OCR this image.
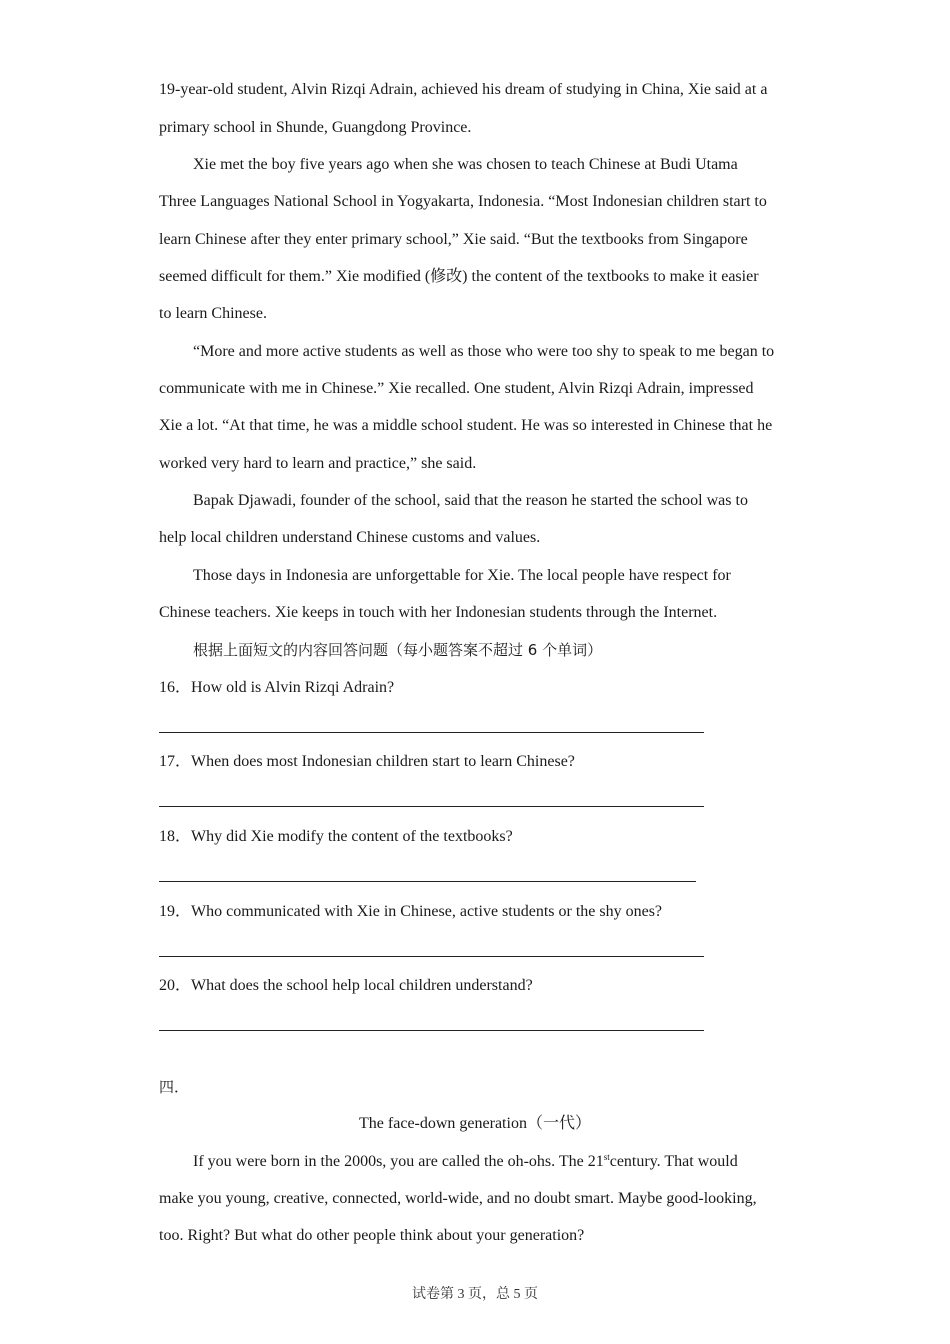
19-year-old student, Alvin Rizqi Adrain, achieved his dream of studying in China, Xie said at a
primary school in Shunde, Guangdong Province.
Xie met the boy five years ago when she was chosen to teach Chinese at Budi Utama
Three Languages National School in Yogyakarta, Indonesia. “Most Indonesian children start to
learn Chinese after they enter primary school,” Xie said. “But the textbooks from Singapore
seemed difficult for them.” Xie modified (修改) the content of the textbooks to make it easier
to learn Chinese.
“More and more active students as well as those who were too shy to speak to me began to
communicate with me in Chinese.” Xie recalled. One student, Alvin Rizqi Adrain, impressed
Xie a lot. “At that time, he was a middle school student. He was so interested in Chinese that he
worked very hard to learn and practice,” she said.
Bapak Djawadi, founder of the school, said that the reason he started the school was to
help local children understand Chinese customs and values.
Those days in Indonesia are unforgettable for Xie. The local people have respect for
Chinese teachers. Xie keeps in touch with her Indonesian students through the Internet.
根据上面短文的内容回答问题（每小题答案不超过 6 个单词）
16．How old is Alvin Rizqi Adrain?
17．When does most Indonesian children start to learn Chinese?
18．Why did Xie modify the content of the textbooks?
19．Who communicated with Xie in Chinese, active students or the shy ones?
20．What does the school help local children understand?
四．
The face-down generation（一代）
If you were born in the 2000s, you are called the oh-ohs. The 21stcentury. That would
make you young, creative, connected, world-wide, and no doubt smart. Maybe good-looking,
too. Right? But what do other people think about your generation?
试卷第 3 页，总 5 页
